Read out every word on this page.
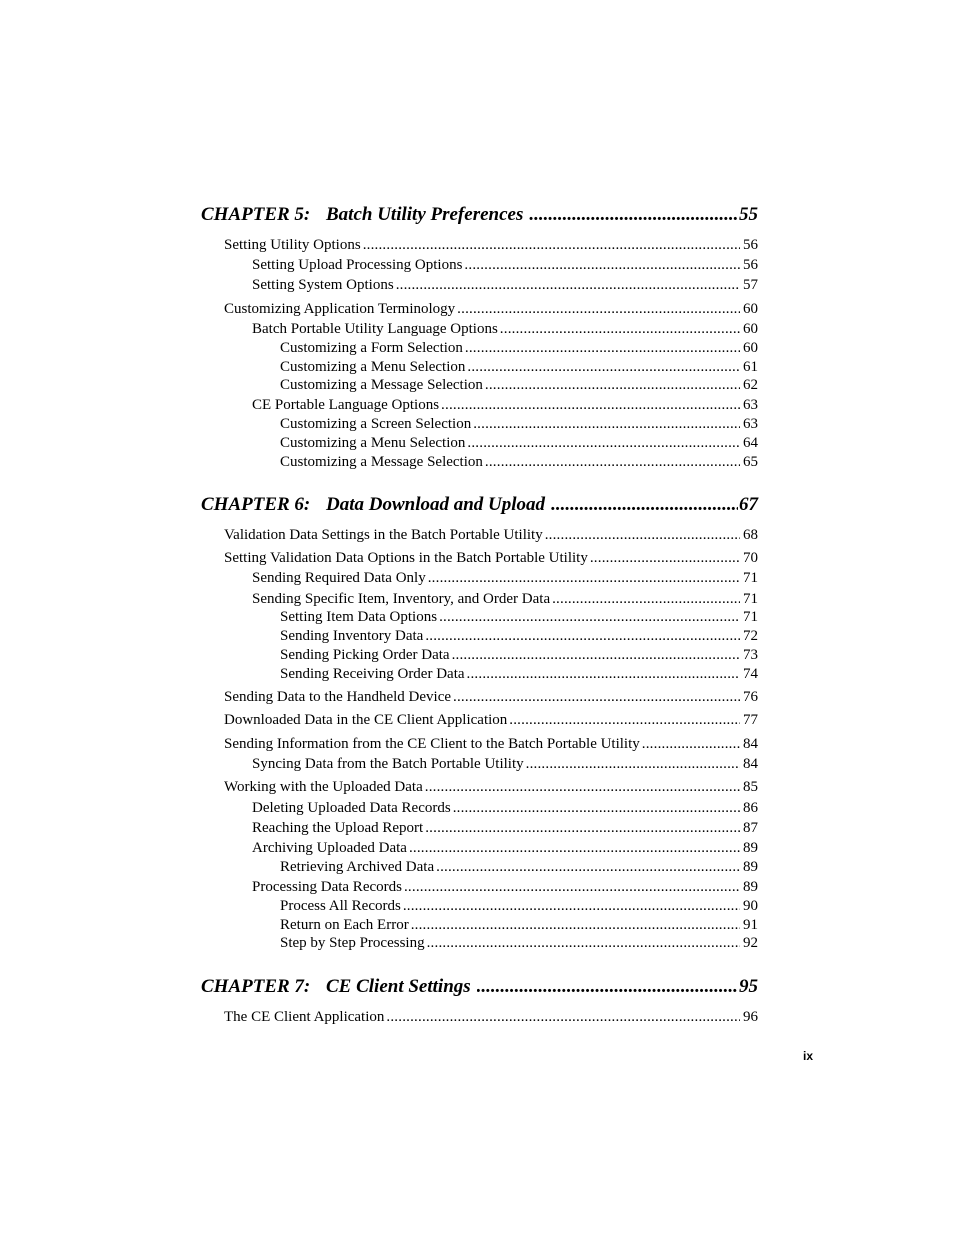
CHAPTER 5: Batch Utility Preferences .....	55
Setting Utility Options .....	56
Setting Upload Processing Options .....	56
Setting System Options .....	57
Customizing Application Terminology .....	60
Batch Portable Utility Language Options .....	60
Customizing a Form Selection .....	60
Customizing a Menu Selection .....	61
Customizing a Message Selection .....	62
CE Portable Language Options .....	63
Customizing a Screen Selection .....	63
Customizing a Menu Selection .....	64
Customizing a Message Selection .....	65
CHAPTER 6: Data Download and Upload .....	67
Validation Data Settings in the Batch Portable Utility .....	68
Setting Validation Data Options in the Batch Portable Utility .....	70
Sending Required Data Only .....	71
Sending Specific Item, Inventory, and Order Data .....	71
Setting Item Data Options .....	71
Sending Inventory Data .....	72
Sending Picking Order Data .....	73
Sending Receiving Order Data .....	74
Sending Data to the Handheld Device .....	76
Downloaded Data in the CE Client Application .....	77
Sending Information from the CE Client to the Batch Portable Utility .....	84
Syncing Data from the Batch Portable Utility .....	84
Working with the Uploaded Data .....	85
Deleting Uploaded Data Records .....	86
Reaching the Upload Report .....	87
Archiving Uploaded Data .....	89
Retrieving Archived Data .....	89
Processing Data Records .....	89
Process All Records .....	90
Return on Each Error .....	91
Step by Step Processing .....	92
CHAPTER 7: CE Client Settings .....	95
The CE Client Application .....	96
ix
